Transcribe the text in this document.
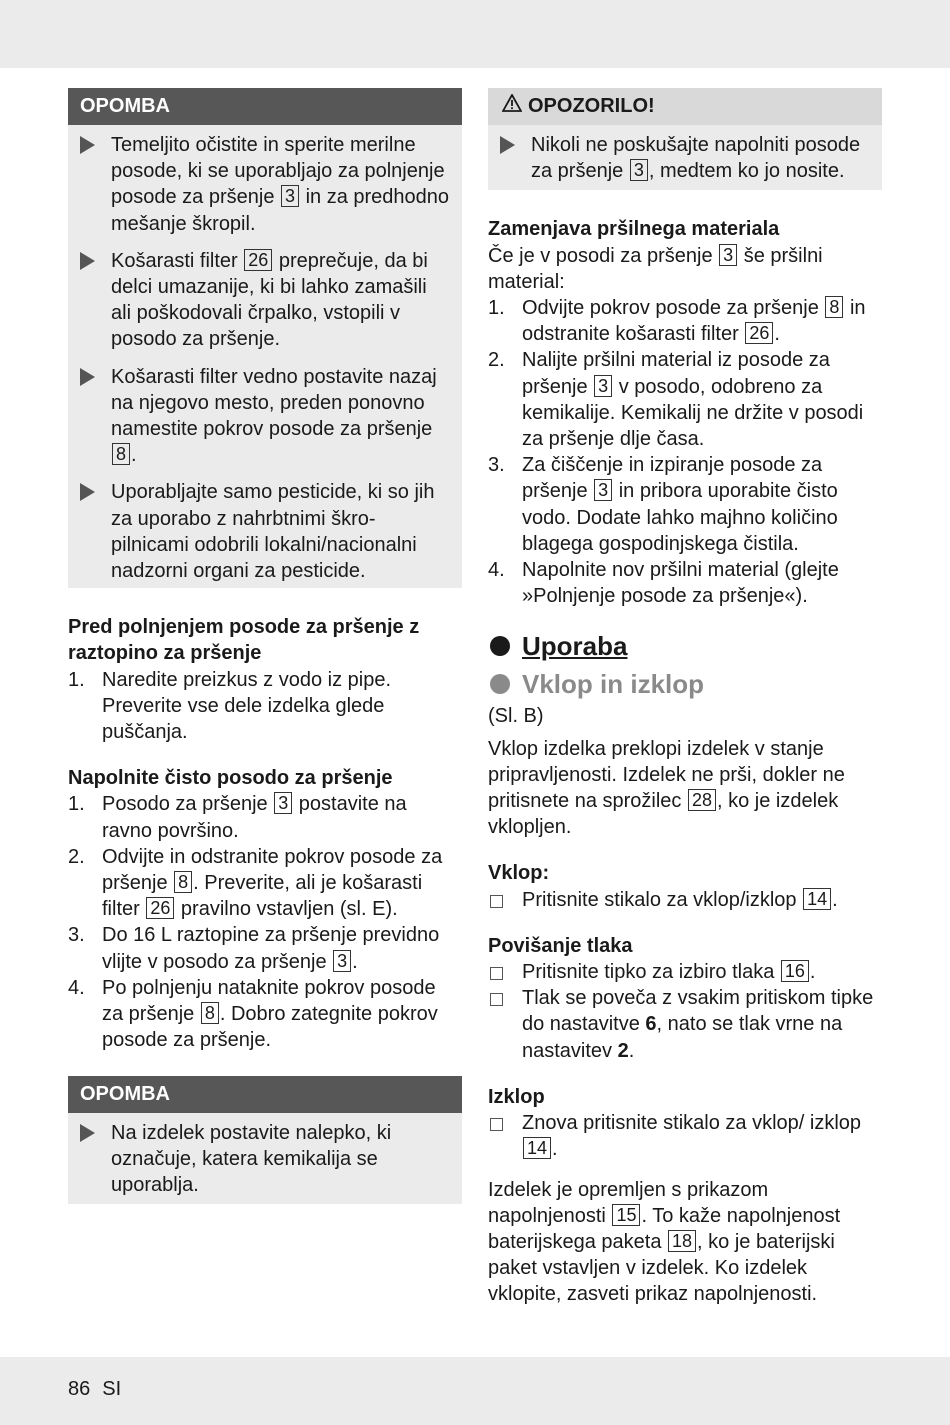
OPOMBA
Temeljito očistite in sperite merilne posode, ki se uporabljajo za polnjenje posode za pršenje 3 in za predhodno mešanje škropil.
Košarasti filter 26 preprečuje, da bi delci umazanije, ki bi lahko zamašili ali poškodovali črpalko, vstopili v posodo za pršenje.
Košarasti filter vedno postavite nazaj na njegovo mesto, preden ponovno namestite pokrov posode za pršenje 8 .
Uporabljajte samo pesticide, ki so jih za uporabo z nahrbtnimi škro-pilnicami odobrili lokalni/nacionalni nadzorni organi za pesticide.
Pred polnjenjem posode za pršenje z raztopino za pršenje
1. Naredite preizkus z vodo iz pipe. Preverite vse dele izdelka glede puščanja.
Napolnite čisto posodo za pršenje
1. Posodo za pršenje 3 postavite na ravno površino.
2. Odvijte in odstranite pokrov posode za pršenje 8 . Preverite, ali je košarasti filter 26 pravilno vstavljen (sl. E).
3. Do 16 L raztopine za pršenje previdno vlijte v posodo za pršenje 3 .
4. Po polnjenju nataknite pokrov posode za pršenje 8 . Dobro zategnite pokrov posode za pršenje.
OPOMBA
Na izdelek postavite nalepko, ki označuje, katera kemikalija se uporablja.
OPOZORILO!
Nikoli ne poskušajte napolniti posode za pršenje 3 , medtem ko jo nosite.
Zamenjava pršilnega materiala
Če je v posodi za pršenje 3 še pršilni material:
1. Odvijte pokrov posode za pršenje 8 in odstranite košarasti filter 26 .
2. Nalijte pršilni material iz posode za pršenje 3 v posodo, odobreno za kemikalije. Kemikalij ne držite v posodi za pršenje dlje časa.
3. Za čiščenje in izpiranje posode za pršenje 3 in pribora uporabite čisto vodo. Dodate lahko majhno količino blagega gospodinjskega čistila.
4. Napolnite nov pršilni material (glejte »Polnjenje posode za pršenje«).
Uporaba
Vklop in izklop
(Sl. B)
Vklop izdelka preklopi izdelek v stanje pripravljenosti. Izdelek ne prši, dokler ne pritisnete na sprožilec 28 , ko je izdelek vklopljen.
Vklop:
Pritisnite stikalo za vklop/izklop 14 .
Povišanje tlaka
Pritisnite tipko za izbiro tlaka 16 .
Tlak se poveča z vsakim pritiskom tipke do nastavitve 6, nato se tlak vrne na nastavitev 2.
Izklop
Znova pritisnite stikalo za vklop/ izklop 14 .
Izdelek je opremljen s prikazom napolnjenosti 15 . To kaže napolnjenost baterijskega paketa 18 , ko je baterijski paket vstavljen v izdelek. Ko izdelek vklopite, zasveti prikaz napolnjenosti.
86 SI
